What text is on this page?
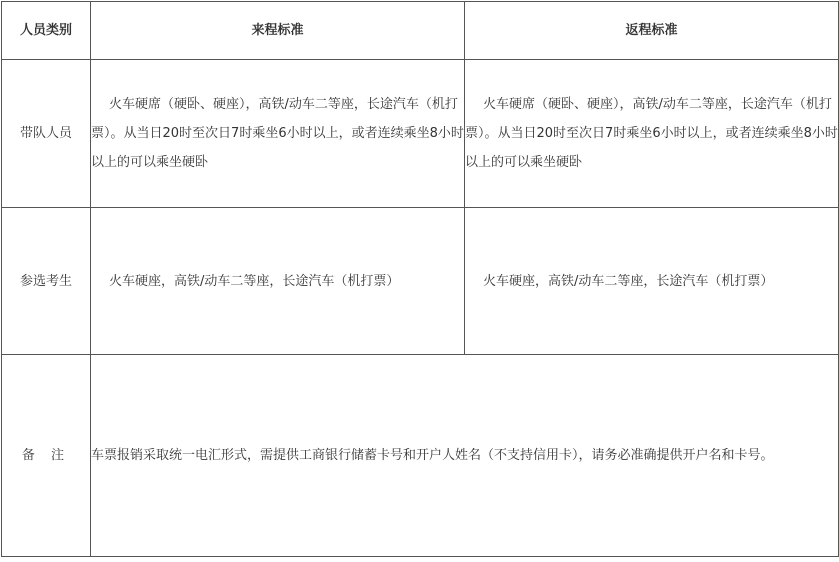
人员类别	来程标准	返程标准
带队人员	火车硬席（硬卧、硬座），高铁/动车二等座，长途汽车（机打票）。从当日20时至次日7时乘坐6小时以上，或者连续乘坐8小时以上的可以乘坐硬卧	火车硬席（硬卧、硬座），高铁/动车二等座，长途汽车（机打票）。从当日20时至次日7时乘坐6小时以上，或者连续乘坐8小时以上的可以乘坐硬卧
参选考生	火车硬座，高铁/动车二等座，长途汽车（机打票）	火车硬座，高铁/动车二等座，长途汽车（机打票）
备 注	车票报销采取统一电汇形式，需提供工商银行储蓄卡号和开户人姓名（不支持信用卡），请务必准确提供开户名和卡号。	
